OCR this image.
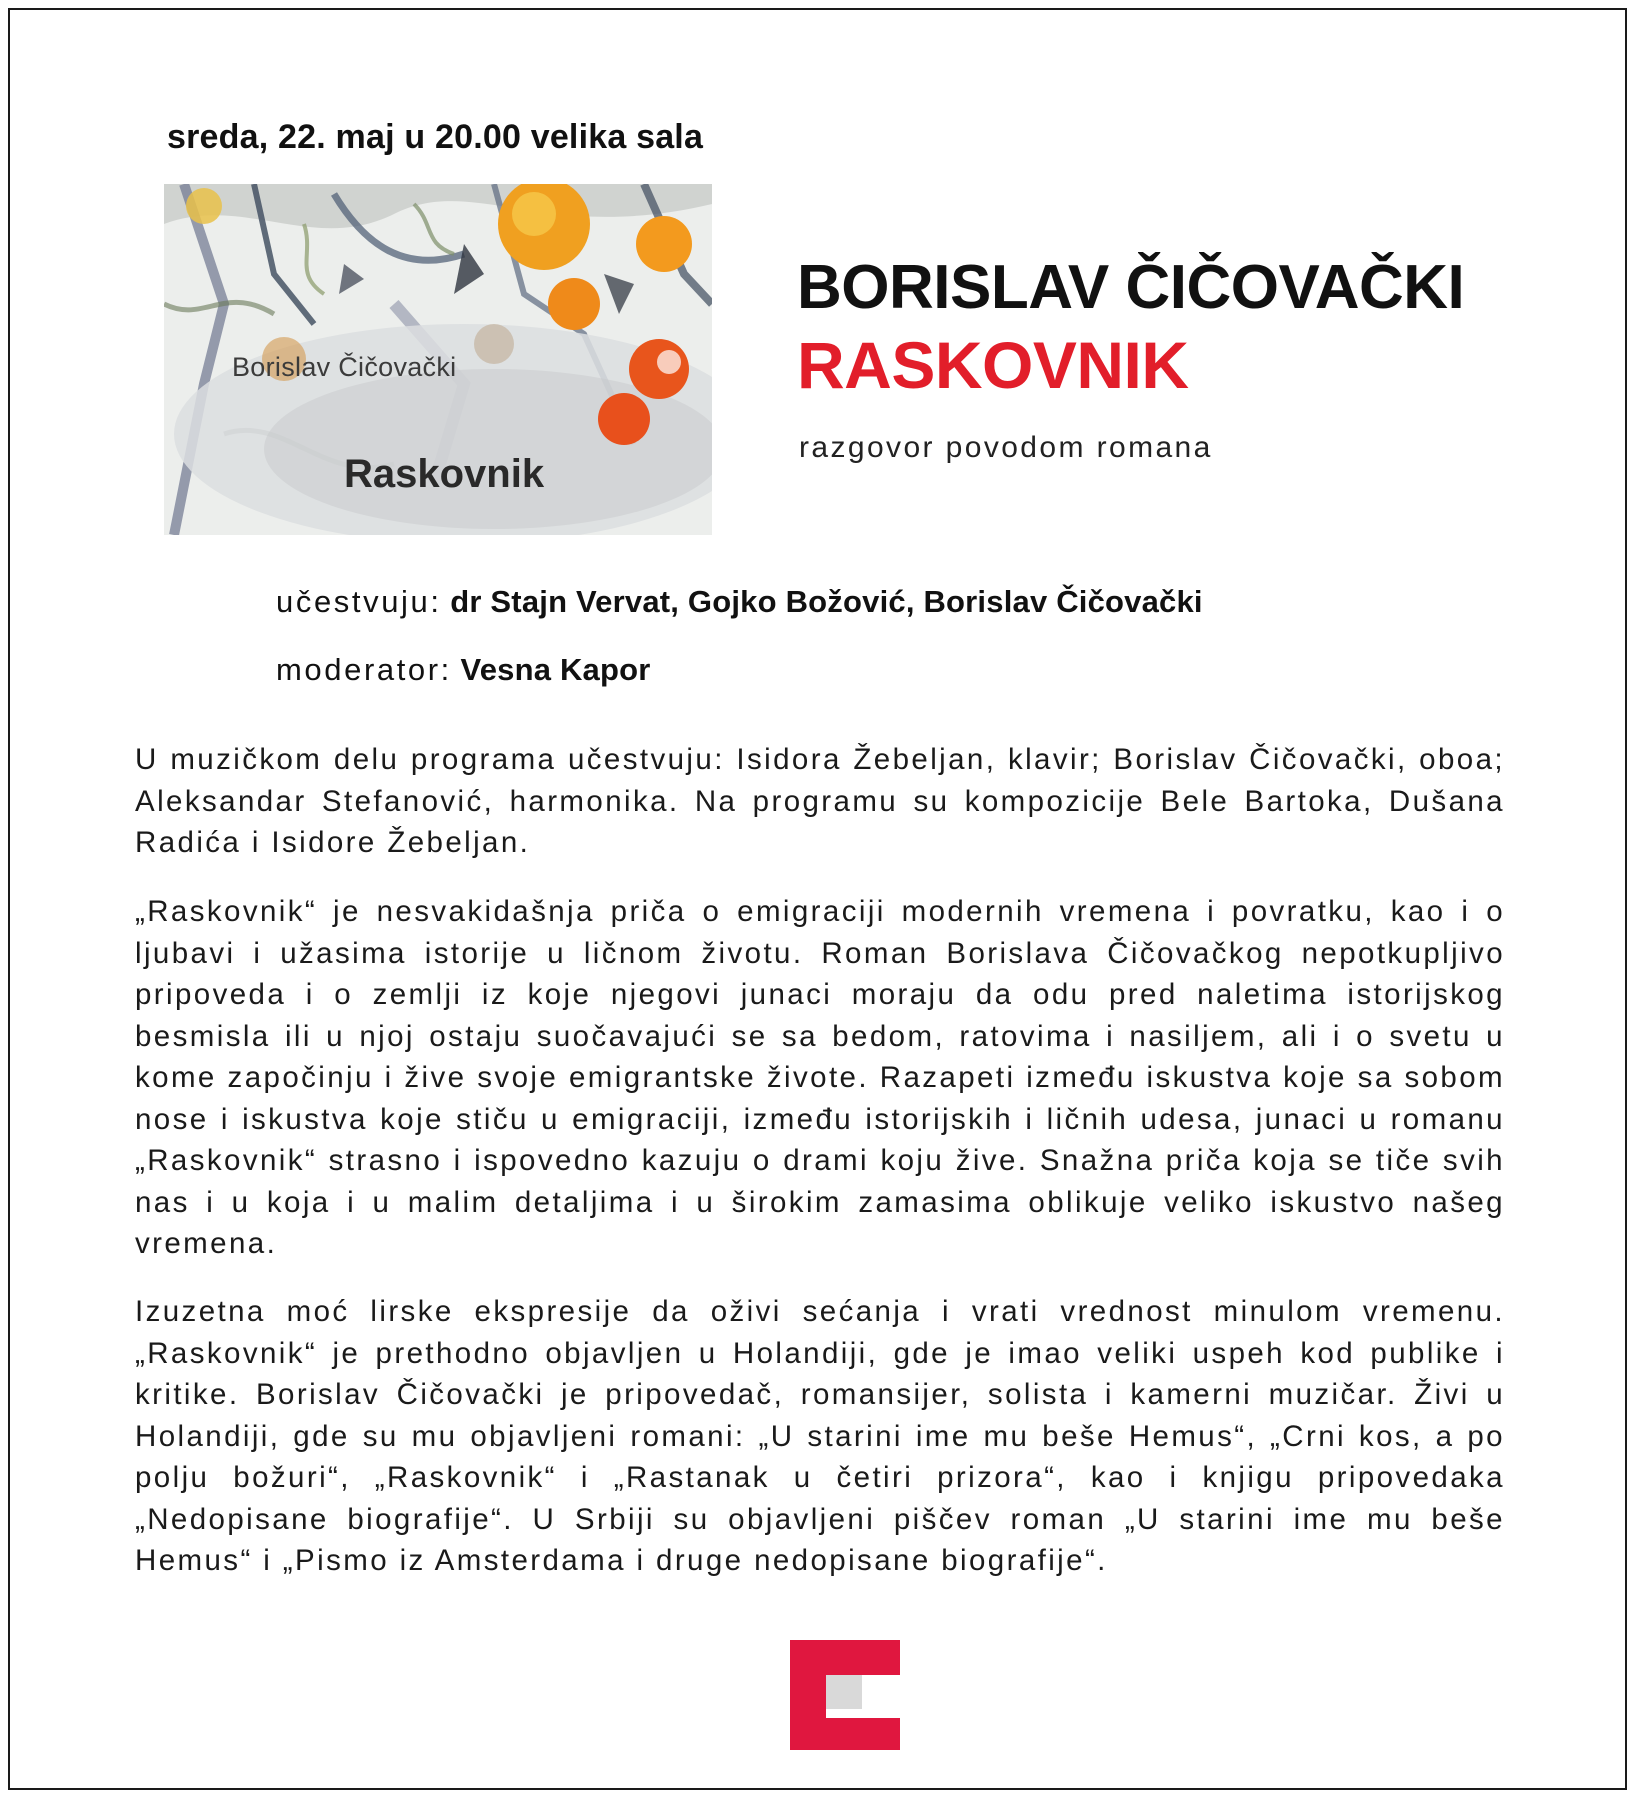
sreda, 22. maj u 20.00 velika sala
Borislav Čičovački
Raskovnik
BORISLAV ČIČOVAČKI
RASKOVNIK
razgovor povodom romana
učestvuju: dr Stajn Vervat, Gojko Božović, Borislav Čičovački
moderator: Vesna Kapor

U muzičkom delu programa učestvuju: Isidora Žebeljan, klavir; Borislav Čičovački, oboa; Aleksandar Stefanović, harmonika. Na programu su kompozicije Bele Bartoka, Dušana Radića i Isidore Žebeljan.

„Raskovnik“ je nesvakidašnja priča o emigraciji modernih vremena i povratku, kao i o ljubavi i užasima istorije u ličnom životu. Roman Borislava Čičovačkog nepotkupljivo pripoveda i o zemlji iz koje njegovi junaci moraju da odu pred naletima istorijskog besmisla ili u njoj ostaju suočavajući se sa bedom, ratovima i nasiljem, ali i o svetu u kome započinju i žive svoje emigrantske živote. Razapeti između iskustva koje sa sobom nose i iskustva koje stiču u emigraciji, između istorijskih i ličnih udesa, junaci u romanu „Raskovnik“ strasno i ispovedno kazuju o drami koju žive. Snažna priča koja se tiče svih nas i u koja i u malim detaljima i u širokim zamasima oblikuje veliko iskustvo našeg vremena.

Izuzetna moć lirske ekspresije da oživi sećanja i vrati vrednost minulom vremenu. „Raskovnik“ je prethodno objavljen u Holandiji, gde je imao veliki uspeh kod publike i kritike. Borislav Čičovački je pripovedač, romansijer, solista i kamerni muzičar. Živi u Holandiji, gde su mu objavljeni romani: „U starini ime mu beše Hemus“, „Crni kos, a po polju božuri“, „Raskovnik“ i „Rastanak u četiri prizora“, kao i knjigu pripovedaka „Nedopisane biografije“. U Srbiji su objavljeni piščev roman „U starini ime mu beše Hemus“ i „Pismo iz Amsterdama i druge nedopisane biografije“.
